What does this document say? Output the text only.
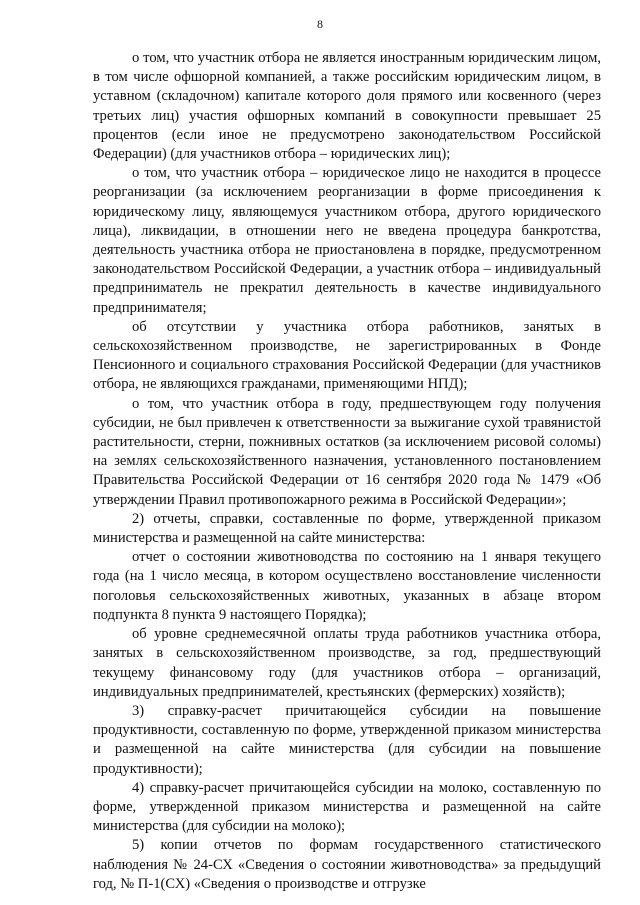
8

о том, что участник отбора не является иностранным юридическим лицом, в том числе офшорной компанией, а также российским юридическим лицом, в уставном (складочном) капитале которого доля прямого или косвенного (через третьих лиц) участия офшорных компаний в совокупности превышает 25 процентов (если иное не предусмотрено законодательством Российской Федерации) (для участников отбора – юридических лиц);

о том, что участник отбора – юридическое лицо не находится в процессе реорганизации (за исключением реорганизации в форме присоединения к юридическому лицу, являющемуся участником отбора, другого юридического лица), ликвидации, в отношении него не введена процедура банкротства, деятельность участника отбора не приостановлена в порядке, предусмотренном законодательством Российской Федерации, а участник отбора – индивидуальный предприниматель не прекратил деятельность в качестве индивидуального предпринимателя;

об отсутствии у участника отбора работников, занятых в сельскохозяйственном производстве, не зарегистрированных в Фонде Пенсионного и социального страхования Российской Федерации (для участников отбора, не являющихся гражданами, применяющими НПД);

о том, что участник отбора в году, предшествующем году получения субсидии, не был привлечен к ответственности за выжигание сухой травянистой растительности, стерни, пожнивных остатков (за исключением рисовой соломы) на землях сельскохозяйственного назначения, установленного постановлением Правительства Российской Федерации от 16 сентября 2020 года № 1479 «Об утверждении Правил противопожарного режима в Российской Федерации»;

2) отчеты, справки, составленные по форме, утвержденной приказом министерства и размещенной на сайте министерства:

отчет о состоянии животноводства по состоянию на 1 января текущего года (на 1 число месяца, в котором осуществлено восстановление численности поголовья сельскохозяйственных животных, указанных в абзаце втором подпункта 8 пункта 9 настоящего Порядка);

об уровне среднемесячной оплаты труда работников участника отбора, занятых в сельскохозяйственном производстве, за год, предшествующий текущему финансовому году (для участников отбора – организаций, индивидуальных предпринимателей, крестьянских (фермерских) хозяйств);

3) справку-расчет причитающейся субсидии на повышение продуктивности, составленную по форме, утвержденной приказом министерства и размещенной на сайте министерства (для субсидии на повышение продуктивности);

4) справку-расчет причитающейся субсидии на молоко, составленную по форме, утвержденной приказом министерства и размещенной на сайте министерства (для субсидии на молоко);

5) копии отчетов по формам государственного статистического наблюдения № 24-СХ «Сведения о состоянии животноводства» за предыдущий год, № П-1(СХ) «Сведения о производстве и отгрузке
